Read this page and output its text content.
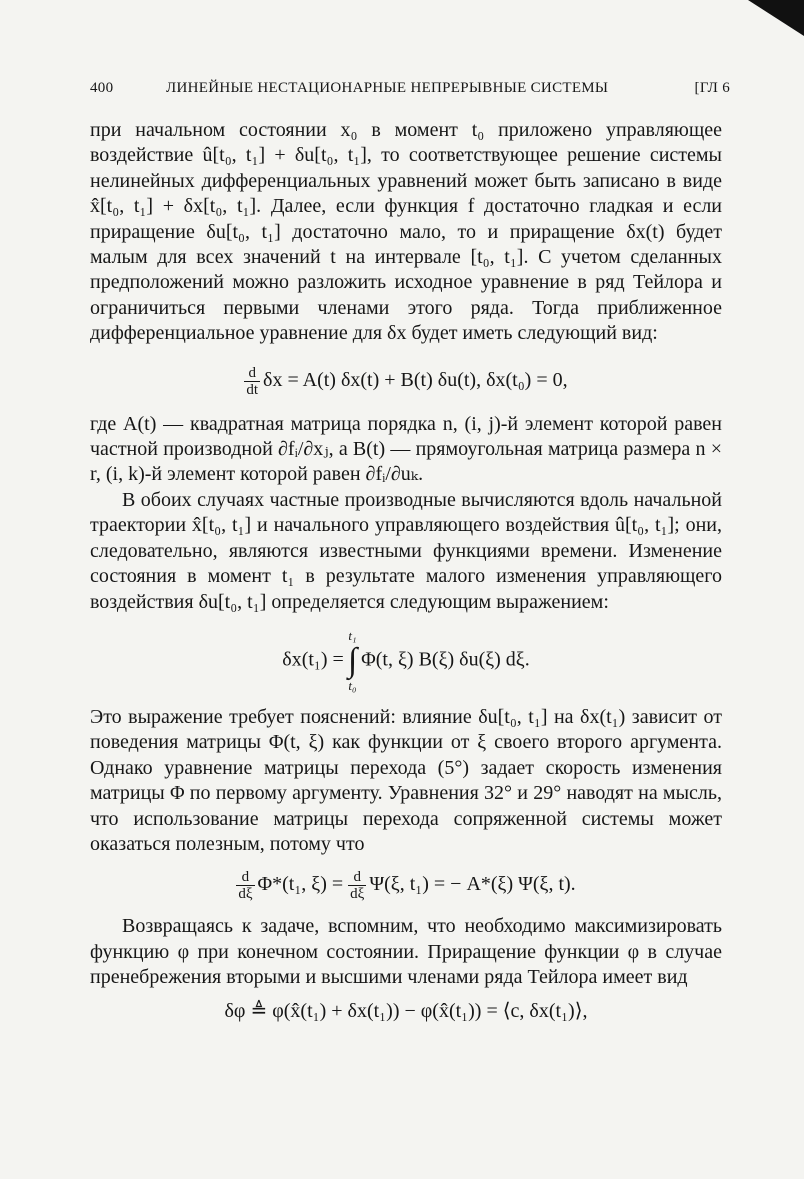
400	ЛИНЕЙНЫЕ НЕСТАЦИОНАРНЫЕ НЕПРЕРЫВНЫЕ СИСТЕМЫ	[ГЛ 6

при начальном состоянии x₀ в момент t₀ приложено управляющее воздействие û[t₀, t₁] + δu[t₀, t₁], то соответствующее решение системы нелинейных дифференциальных уравнений может быть записано в виде x̂[t₀, t₁] + δx[t₀, t₁]. Далее, если функция f достаточно гладкая и если приращение δu[t₀, t₁] достаточно мало, то и приращение δx(t) будет малым для всех значений t на интервале [t₀, t₁]. С учетом сделанных предположений можно разложить исходное уравнение в ряд Тейлора и ограничиться первыми членами этого ряда. Тогда приближенное дифференциальное уравнение для δx будет иметь следующий вид:

$\frac{d}{dt}$ δx = A(t) δx(t) + B(t) δu(t), δx(t₀) = 0,

где A(t) — квадратная матрица порядка n, (i, j)-й элемент которой равен частной производной ∂fᵢ/∂xⱼ, а B(t) — прямоугольная матрица размера n × r, (i, k)-й элемент которой равен ∂fᵢ/∂uₖ.

В обоих случаях частные производные вычисляются вдоль начальной траектории x̂[t₀, t₁] и начального управляющего воздействия û[t₀, t₁]; они, следовательно, являются известными функциями времени. Изменение состояния в момент t₁ в результате малого изменения управляющего воздействия δu[t₀, t₁] определяется следующим выражением:

δx(t₁) =
t₁
∫
t₀
Φ(t, ξ) B(ξ) δu(ξ) dξ.

Это выражение требует пояснений: влияние δu[t₀, t₁] на δx(t₁) зависит от поведения матрицы Φ(t, ξ) как функции от ξ своего второго аргумента. Однако уравнение матрицы перехода (5°) задает скорость изменения матрицы Φ по первому аргументу. Уравнения 32° и 29° наводят на мысль, что использование матрицы перехода сопряженной системы может оказаться полезным, потому что

$\frac{d}{d\xi} \Phi*(t_1$, $\xi) = \frac{d}{d\xi} \Psi(\xi$, t₁) = − A*(ξ) Ψ(ξ, t).

Возвращаясь к задаче, вспомним, что необходимо максимизировать функцию φ при конечном состоянии. Приращение функции φ в случае пренебрежения вторыми и высшими членами ряда Тейлора имеет вид

δφ ≜ φ(x̂(t₁) + δx(t₁)) − φ(x̂(t₁)) = ⟨c, δx(t₁)⟩,
